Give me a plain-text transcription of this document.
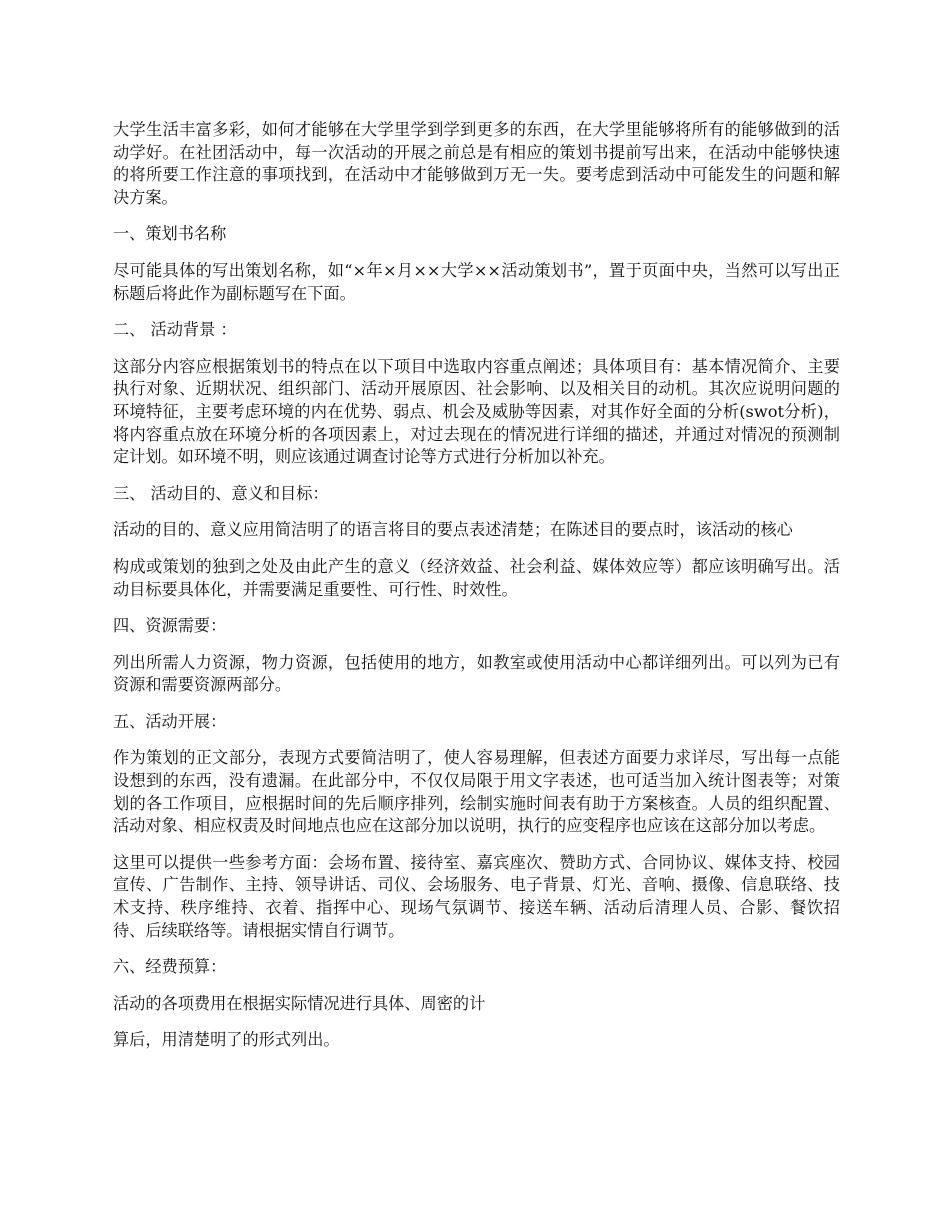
大学生活丰富多彩，如何才能够在大学里学到学到更多的东西，在大学里能够将所有的能够做到的活动学好。在社团活动中，每一次活动的开展之前总是有相应的策划书提前写出来，在活动中能够快速的将所要工作注意的事项找到，在活动中才能够做到万无一失。要考虑到活动中可能发生的问题和解决方案。

一、策划书名称

尽可能具体的写出策划名称，如“×年×月××大学××活动策划书”，置于页面中央，当然可以写出正标题后将此作为副标题写在下面。

二、 活动背景 ：

这部分内容应根据策划书的特点在以下项目中选取内容重点阐述；具体项目有：基本情况简介、主要执行对象、近期状况、组织部门、活动开展原因、社会影响、以及相关目的动机。其次应说明问题的环境特征，主要考虑环境的内在优势、弱点、机会及威胁等因素，对其作好全面的分析(swot分析)，将内容重点放在环境分析的各项因素上，对过去现在的情况进行详细的描述，并通过对情况的预测制定计划。如环境不明，则应该通过调查讨论等方式进行分析加以补充。

三、 活动目的、意义和目标：

活动的目的、意义应用简洁明了的语言将目的要点表述清楚；在陈述目的要点时，该活动的核心

构成或策划的独到之处及由此产生的意义（经济效益、社会利益、媒体效应等）都应该明确写出。活动目标要具体化，并需要满足重要性、可行性、时效性。

四、资源需要：

列出所需人力资源，物力资源，包括使用的地方，如教室或使用活动中心都详细列出。可以列为已有资源和需要资源两部分。

五、活动开展：

作为策划的正文部分，表现方式要简洁明了，使人容易理解，但表述方面要力求详尽，写出每一点能设想到的东西，没有遗漏。在此部分中，不仅仅局限于用文字表述，也可适当加入统计图表等；对策划的各工作项目，应根据时间的先后顺序排列，绘制实施时间表有助于方案核查。人员的组织配置、活动对象、相应权责及时间地点也应在这部分加以说明，执行的应变程序也应该在这部分加以考虑。

这里可以提供一些参考方面：会场布置、接待室、嘉宾座次、赞助方式、合同协议、媒体支持、校园宣传、广告制作、主持、领导讲话、司仪、会场服务、电子背景、灯光、音响、摄像、信息联络、技术支持、秩序维持、衣着、指挥中心、现场气氛调节、接送车辆、活动后清理人员、合影、餐饮招待、后续联络等。请根据实情自行调节。

六、经费预算：

活动的各项费用在根据实际情况进行具体、周密的计

算后，用清楚明了的形式列出。
